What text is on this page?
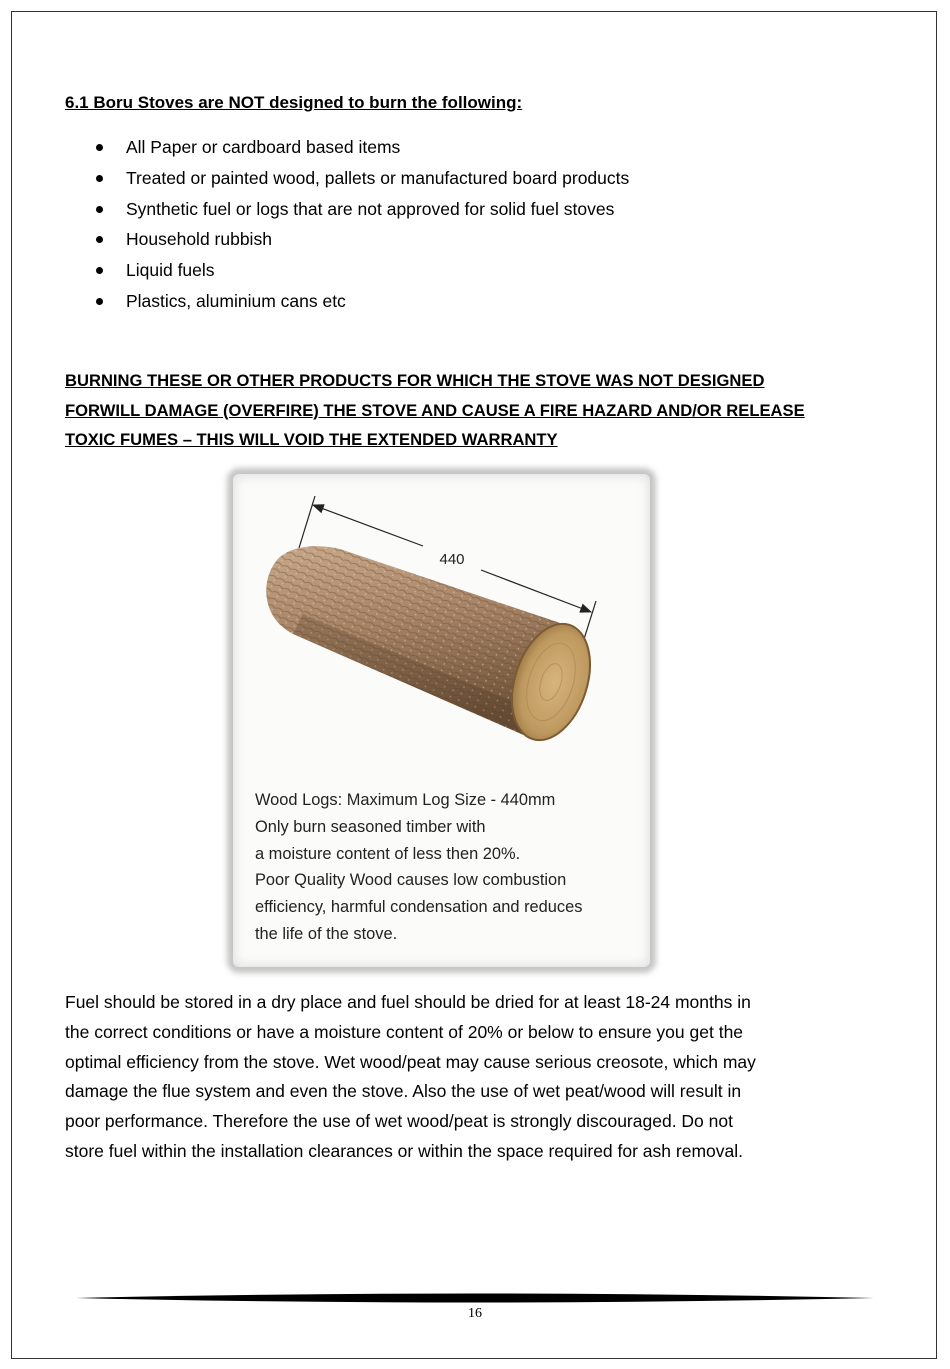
6.1 Boru Stoves are NOT designed to burn the following:
All Paper or cardboard based items
Treated or painted wood, pallets or manufactured board products
Synthetic fuel or logs that are not approved for solid fuel stoves
Household rubbish
Liquid fuels
Plastics, aluminium cans etc

BURNING THESE OR OTHER PRODUCTS FOR WHICH THE STOVE WAS NOT DESIGNED
FORWILL DAMAGE (OVERFIRE) THE STOVE AND CAUSE A FIRE HAZARD AND/OR RELEASE
TOXIC FUMES – THIS WILL VOID THE EXTENDED WARRANTY

440
Wood Logs: Maximum Log Size - 440mm
Only burn seasoned timber with
a moisture content of less then 20%.
Poor Quality Wood causes low combustion
efficiency, harmful condensation and reduces
the life of the stove.
Fuel should be stored in a dry place and fuel should be dried for at least 18-24 months in
the correct conditions or have a moisture content of 20% or below to ensure you get the
optimal efficiency from the stove. Wet wood/peat may cause serious creosote, which may
damage the flue system and even the stove. Also the use of wet peat/wood will result in
poor performance. Therefore the use of wet wood/peat is strongly discouraged. Do not
store fuel within the installation clearances or within the space required for ash removal.
16
